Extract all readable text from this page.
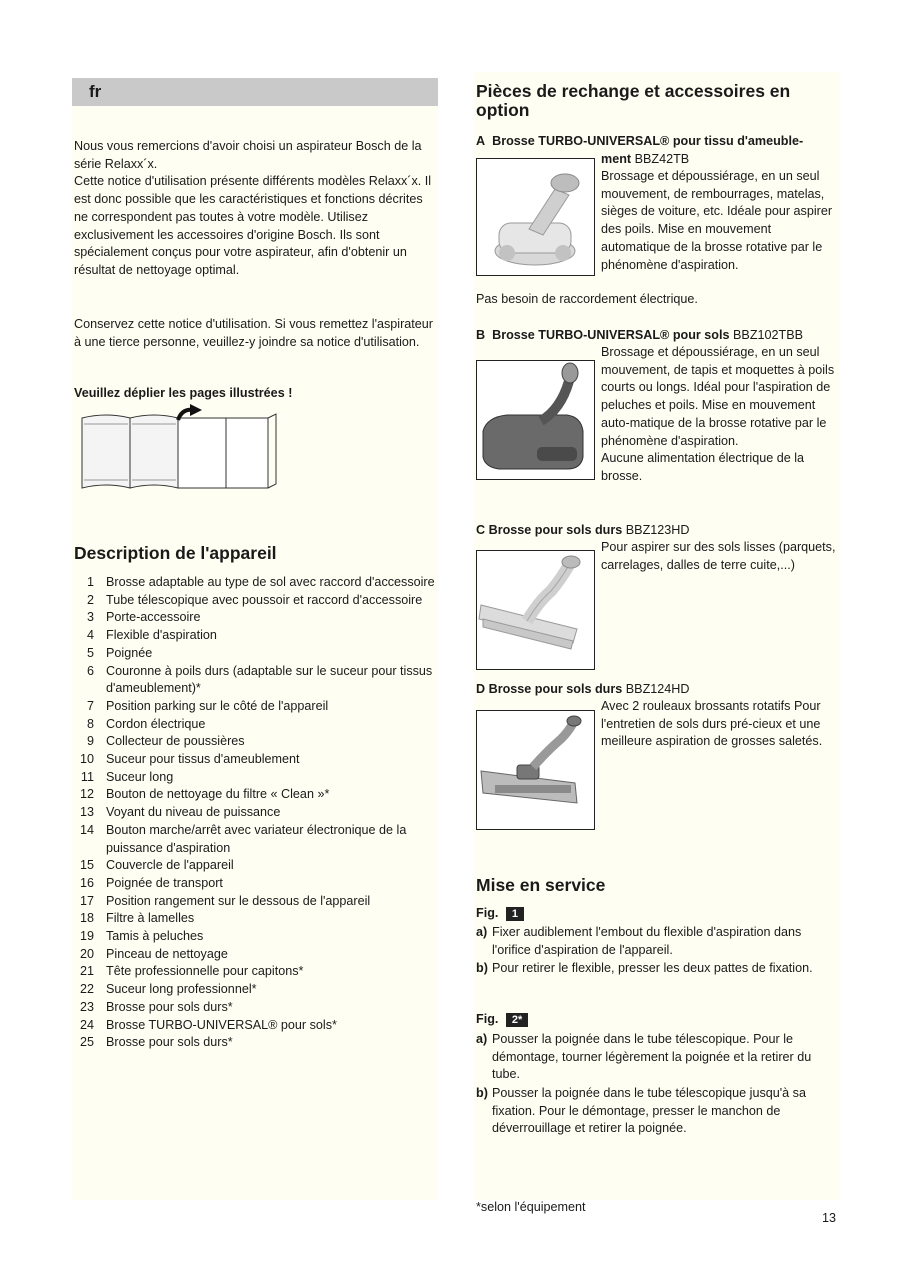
fr

Nous vous remercions d'avoir choisi un aspirateur Bosch de la série Relaxx´x.
Cette notice d'utilisation présente différents modèles Relaxx´x. Il est donc possible que les caractéristiques et fonctions décrites ne correspondent pas toutes à votre modèle. Utilisez exclusivement les accessoires d'origine Bosch. Ils sont spécialement conçus pour votre aspirateur, afin d'obtenir un résultat de nettoyage optimal.

Conservez cette notice d'utilisation. Si vous remettez l'aspirateur à une tierce personne, veuillez-y joindre sa notice d'utilisation.

Veuillez déplier les pages illustrées !

Description de l'appareil
1 Brosse adaptable au type de sol avec raccord d'accessoire
2 Tube télescopique avec poussoir et raccord d'accessoire
3 Porte-accessoire
4 Flexible d'aspiration
5 Poignée
6 Couronne à poils durs (adaptable sur le suceur pour tissus d'ameublement)*
7 Position parking sur le côté de l'appareil
8 Cordon électrique
9 Collecteur de poussières
10 Suceur pour tissus d'ameublement
11 Suceur long
12 Bouton de nettoyage du filtre « Clean »*
13 Voyant du niveau de puissance
14 Bouton marche/arrêt avec variateur électronique de la puissance d'aspiration
15 Couvercle de l'appareil
16 Poignée de transport
17 Position rangement sur le dessous de l'appareil
18 Filtre à lamelles
19 Tamis à peluches
20 Pinceau de nettoyage
21 Tête professionnelle pour capitons*
22 Suceur long professionnel*
23 Brosse pour sols durs*
24 Brosse TURBO-UNIVERSAL® pour sols*
25 Brosse pour sols durs*
Pièces de rechange et accessoires en option
A Brosse TURBO-UNIVERSAL® pour tissu d'ameuble-
ment BBZ42TB

Brossage et dépoussiérage, en un seul mouvement, de rembourrages, matelas, sièges de voiture, etc. Idéale pour aspirer des poils. Mise en mouvement automatique de la brosse rotative par le phénomène d'aspiration.

Pas besoin de raccordement électrique.

B Brosse TURBO-UNIVERSAL® pour sols BBZ102TBB

Brossage et dépoussiérage, en un seul mouvement, de tapis et moquettes à poils courts ou longs. Idéal pour l'aspiration de peluches et poils. Mise en mouvement auto-matique de la brosse rotative par le phénomène d'aspiration.
Aucune alimentation électrique de la brosse.

C Brosse pour sols durs BBZ123HD

Pour aspirer sur des sols lisses (parquets, carrelages, dalles de terre cuite,...)

D Brosse pour sols durs BBZ124HD

Avec 2 rouleaux brossants rotatifs Pour l'entretien de sols durs pré-cieux et une meilleure aspiration de grosses saletés.

Mise en service
Fig. 1
a) Fixer audiblement l'embout du flexible d'aspiration dans l'orifice d'aspiration de l'appareil.
b) Pour retirer le flexible, presser les deux pattes de fixation.
Fig. 2*
a) Pousser la poignée dans le tube télescopique. Pour le démontage, tourner légèrement la poignée et la retirer du tube.
b) Pousser la poignée dans le tube télescopique jusqu'à sa fixation. Pour le démontage, presser le manchon de déverrouillage et retirer la poignée.
*selon l'équipement
13
